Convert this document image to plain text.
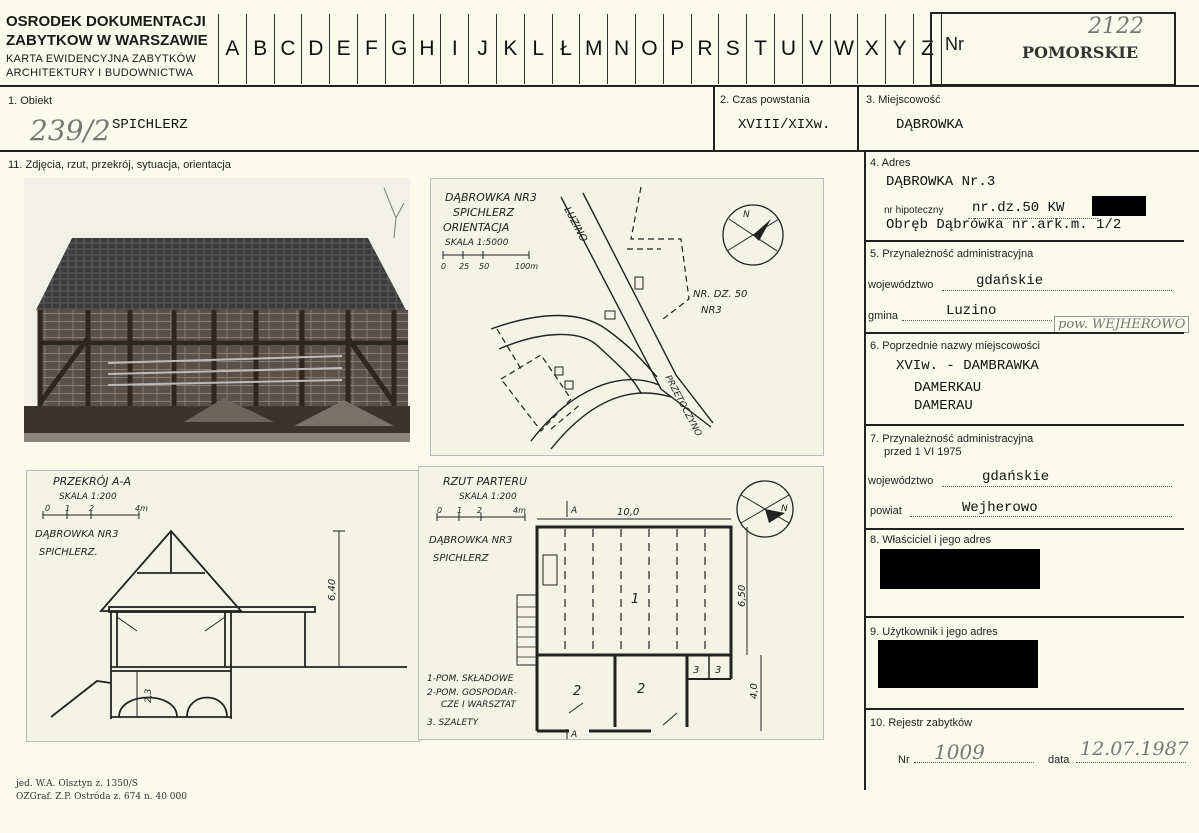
OSRODEK DOKUMENTACJI
ZABYTKOW W WARSZAWIE
KARTA EWIDENCYJNA ZABYTKÓW
ARCHITEKTURY I BUDOWNICTWA
A B C D E F G H I J K L Ł M N O P R S T U V W X Y Z Nr
2122
POMORSKIE
1. Obiekt
239/2 SPICHLERZ
2. Czas powstania
XVIII/XIXw.
3. Miejscowość
DĄBROWKA
11. Zdjęcia, rzut, przekrój, sytuacja, orientacja
DĄBROWKA NR3
SPICHLERZ
ORIENTACJA
SKALA 1:5000
0 25 50	100m
LUZINO
PRZETOCZYNO
NR. DZ. 50
NR3
N
PRZEKRÓJ A-A
SKALA 1:200
0 1 2	4m
DĄBROWKA NR3
SPICHLERZ.
6,40
2,3
RZUT PARTERU
SKALA 1:200
0 1 2	4m
DĄBROWKA NR3
SPICHLERZ
A	10,0
1
2	2
3 3
A
6,50
4,0
N
1-POM. SKŁADOWE
2-POM. GOSPODAR-
CZE I WARSZTAT
3. SZALETY
4. Adres
DĄBROWKA Nr.3
nr hipoteczny nr.dz.50 KW
Obręb Dąbrówka nr.ark.m. 1/2
5. Przynależność administracyjna
województwo	gdańskie
gmina	Luzino
pow. WEJHEROWO
6. Poprzednie nazwy miejscowości
XVIw. - DAMBRAWKA
DAMERKAU
DAMERAU
7. Przynależność administracyjna
przed 1 VI 1975
województwo	gdańskie
powiat	Wejherowo
8. Właściciel i jego adres
9. Użytkownik i jego adres
10. Rejestr zabytków
Nr 1009	data 12.07.1987
jed. W.A. Olsztyn z. 1350/S
OZGraf. Z.P. Ostróda z. 674 n. 40 000
